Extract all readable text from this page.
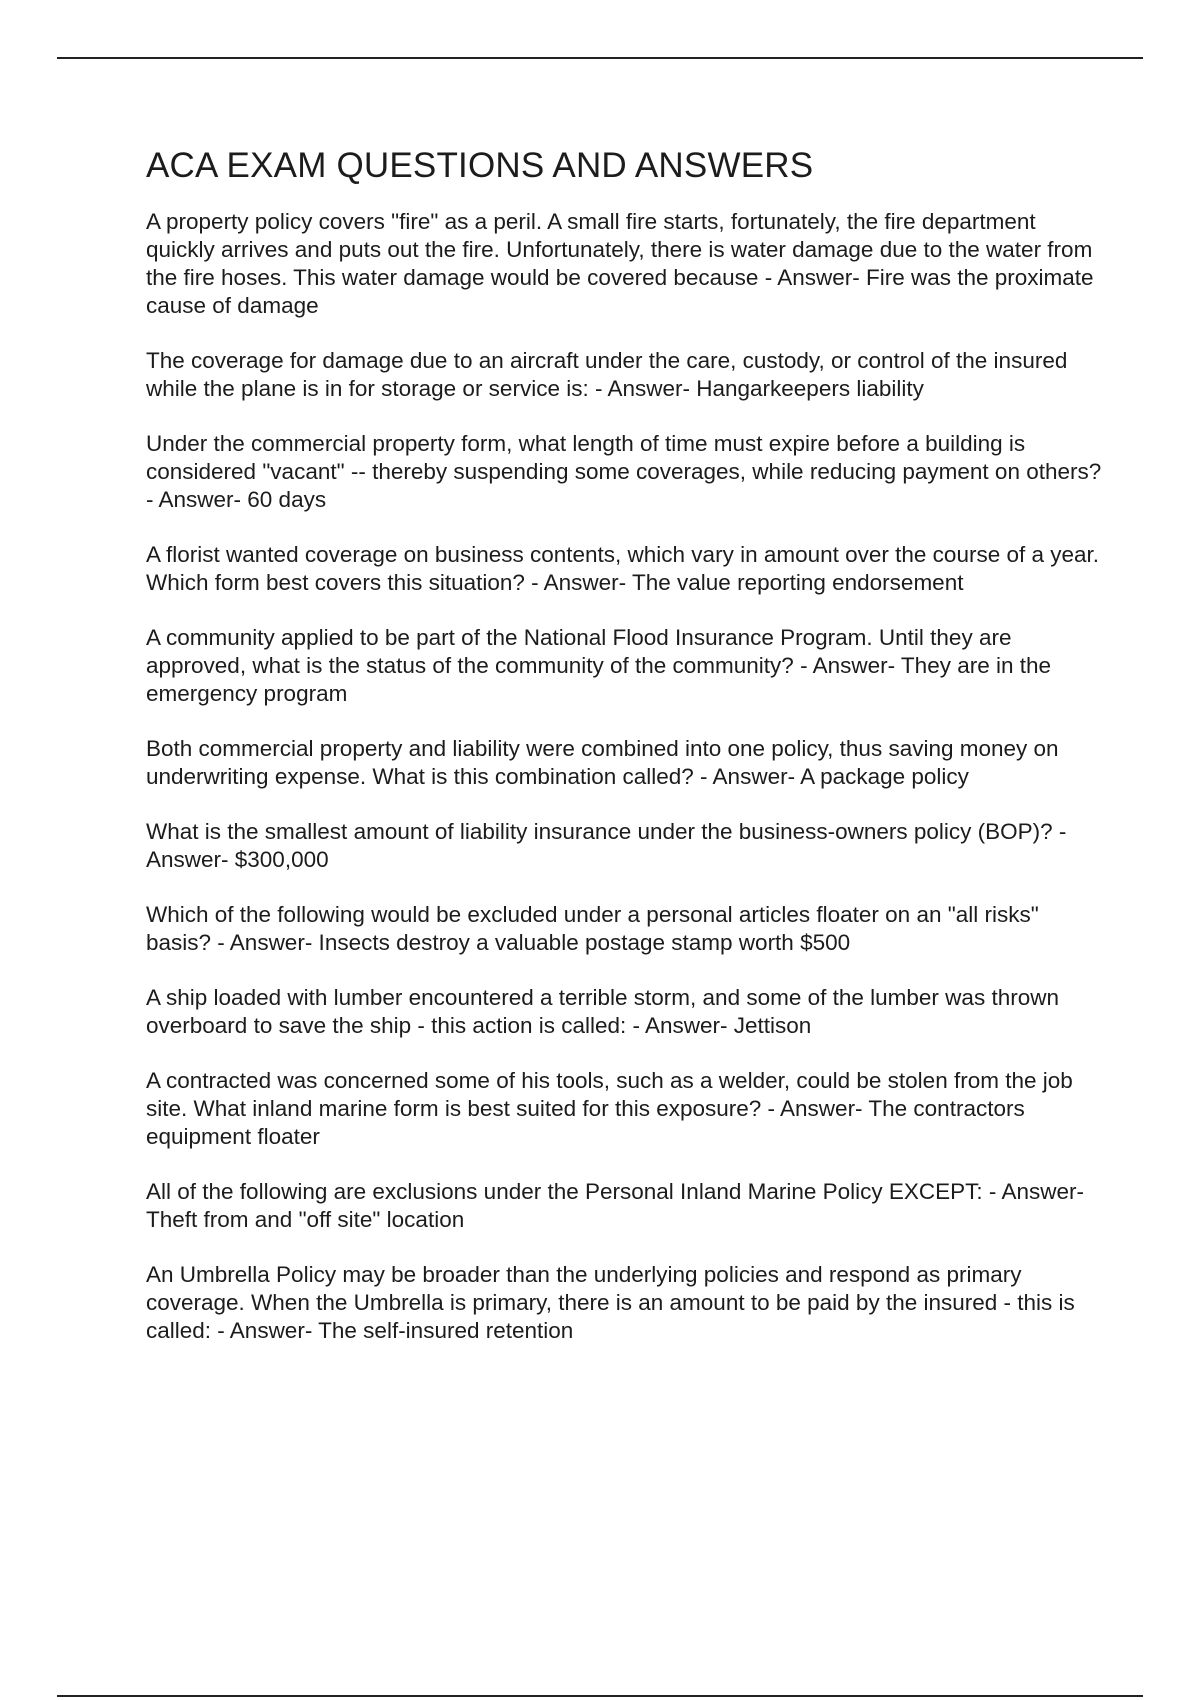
ACA EXAM QUESTIONS AND ANSWERS

A property policy covers "fire" as a peril. A small fire starts, fortunately, the fire department quickly arrives and puts out the fire. Unfortunately, there is water damage due to the water from the fire hoses. This water damage would be covered because - Answer- Fire was the proximate cause of damage

The coverage for damage due to an aircraft under the care, custody, or control of the insured while the plane is in for storage or service is: - Answer- Hangarkeepers liability

Under the commercial property form, what length of time must expire before a building is considered "vacant" -- thereby suspending some coverages, while reducing payment on others? - Answer- 60 days

A florist wanted coverage on business contents, which vary in amount over the course of a year. Which form best covers this situation? - Answer- The value reporting endorsement

A community applied to be part of the National Flood Insurance Program. Until they are approved, what is the status of the community of the community? - Answer- They are in the emergency program

Both commercial property and liability were combined into one policy, thus saving money on underwriting expense. What is this combination called? - Answer- A package policy

What is the smallest amount of liability insurance under the business-owners policy (BOP)? - Answer- $300,000

Which of the following would be excluded under a personal articles floater on an "all risks" basis? - Answer- Insects destroy a valuable postage stamp worth $500

A ship loaded with lumber encountered a terrible storm, and some of the lumber was thrown overboard to save the ship - this action is called: - Answer- Jettison

A contracted was concerned some of his tools, such as a welder, could be stolen from the job site. What inland marine form is best suited for this exposure? - Answer- The contractors equipment floater

All of the following are exclusions under the Personal Inland Marine Policy EXCEPT: - Answer- Theft from and "off site" location

An Umbrella Policy may be broader than the underlying policies and respond as primary coverage. When the Umbrella is primary, there is an amount to be paid by the insured - this is called: - Answer- The self-insured retention
